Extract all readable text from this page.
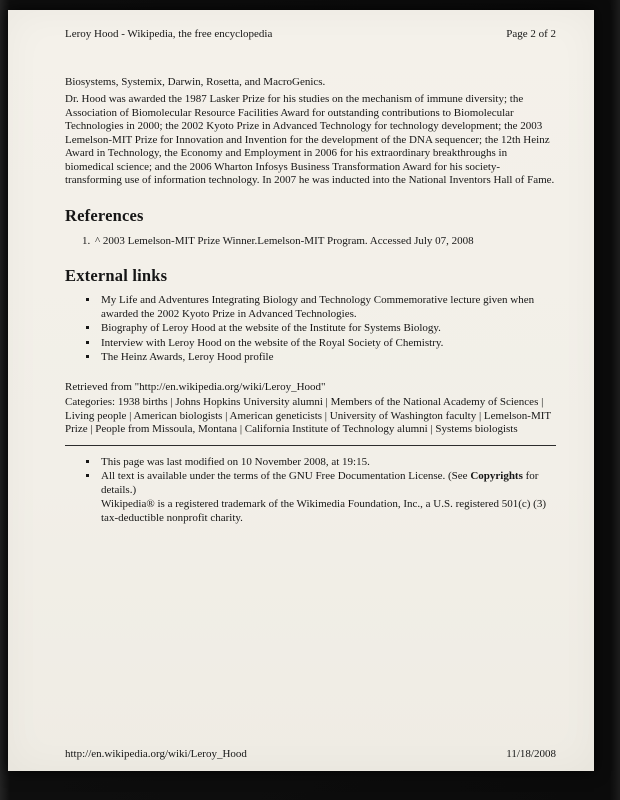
Leroy Hood - Wikipedia, the free encyclopedia	Page 2 of 2

Biosystems, Systemix, Darwin, Rosetta, and MacroGenics.

Dr. Hood was awarded the 1987 Lasker Prize for his studies on the mechanism of immune diversity; the Association of Biomolecular Resource Facilities Award for outstanding contributions to Biomolecular Technologies in 2000; the 2002 Kyoto Prize in Advanced Technology for technology development; the 2003 Lemelson-MIT Prize for Innovation and Invention for the development of the DNA sequencer; the 12th Heinz Award in Technology, the Economy and Employment in 2006 for his extraordinary breakthroughs in biomedical science; and the 2006 Wharton Infosys Business Transformation Award for his society-transforming use of information technology. In 2007 he was inducted into the National Inventors Hall of Fame.

References
1. ^ 2003 Lemelson-MIT Prize Winner.Lemelson-MIT Program. Accessed July 07, 2008
External links
▪ My Life and Adventures Integrating Biology and Technology Commemorative lecture given when awarded the 2002 Kyoto Prize in Advanced Technologies.
▪ Biography of Leroy Hood at the website of the Institute for Systems Biology.
▪ Interview with Leroy Hood on the website of the Royal Society of Chemistry.
▪ The Heinz Awards, Leroy Hood profile
Retrieved from "http://en.wikipedia.org/wiki/Leroy_Hood"
Categories: 1938 births | Johns Hopkins University alumni | Members of the National Academy of Sciences | Living people | American biologists | American geneticists | University of Washington faculty | Lemelson-MIT Prize | People from Missoula, Montana | California Institute of Technology alumni | Systems biologists
▪ This page was last modified on 10 November 2008, at 19:15.
▪ All text is available under the terms of the GNU Free Documentation License. (See Copyrights for details.)
Wikipedia® is a registered trademark of the Wikimedia Foundation, Inc., a U.S. registered 501(c) (3) tax-deductible nonprofit charity.
http://en.wikipedia.org/wiki/Leroy_Hood	11/18/2008
